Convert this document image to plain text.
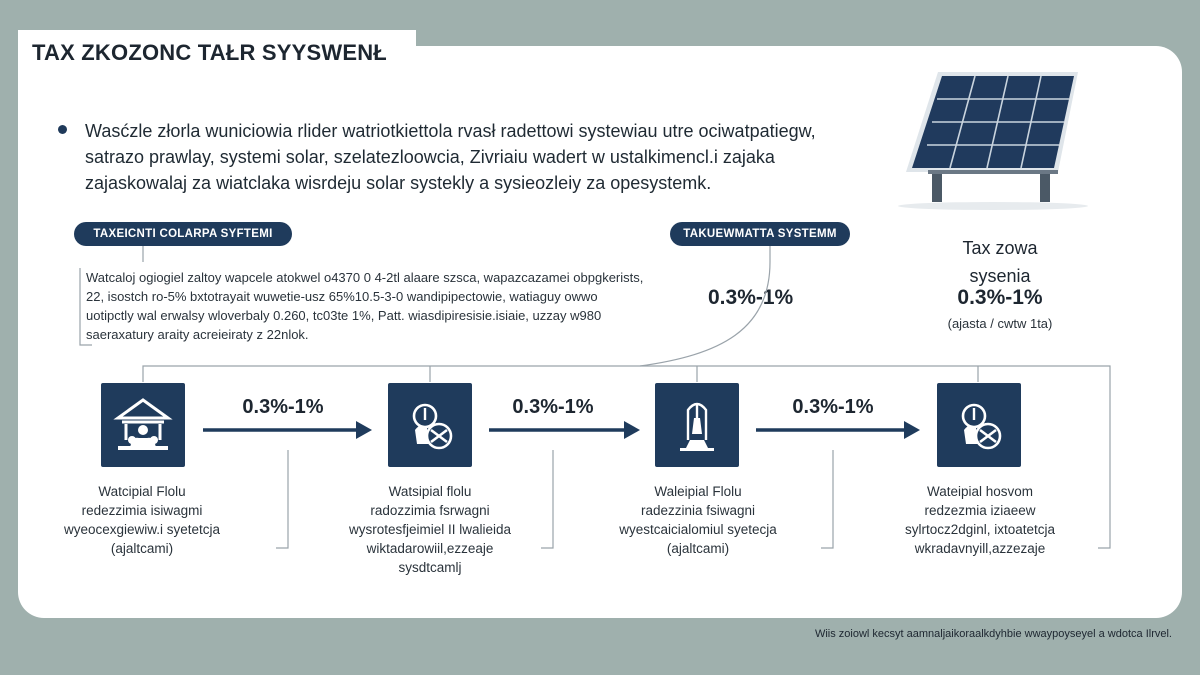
TAX ZKOZONC TAŁR SYYSWENŁ
Wasćzle złorla wuniciowia rlider watriotkiettola rvasł radettowi systewiau utre ociwatpatiegw, satrazo prawlay, systemi solar, szelatezloowcia, Zivriaiu wadert w ustalkimencl.i zajaka zajaskowalaj za wiatclaka wisrdeju solar systekly a sysieozleiy za opesystemk.
TAXEICNTI COLARPA SYFTEMI	TAKUEWMATTA SYSTEMM
Watcaloj ogiogiel zaltoy wapcele atokwel o4370 0 4-2tl alaare szsca, wapazcazamei obpgkerists, 22, isostch ro-5% bxtotrayait wuwetie-usz 65%10.5-3-0 wandipipectowie, watiaguy owwo uotipctly wal erwalsy wloverbaly 0.260, tc03te 1%, Patt. wiasdipiresisie.isiaie, uzzay w980 saeraxatury araity acreieiraty z 22nlok.
0.3%-1%
Tax zowa
sysenia
0.3%-1%
(ajasta / cwtw 1ta)
0.3%-1%	0.3%-1%	0.3%-1%
Watcipial Flolu
redezzimia isiwagmi
wyeocexgiewiw.i syetetcja
(ajaltcami)
Watsipial flolu
radozzimia fsrwagni
wysrotesfjeimiel II lwalieida
wiktadarowiil,ezzeaje
sysdtcamlj
Waleipial Flolu
radezzinia fsiwagni
wyestcaicialomiul syetecja
(ajaltcami)
Wateipial hosvom
redzezmia iziaeew
sylrtocz2dginl, ixtoatetcja
wkradavnyill,azzezaje
Wiis zoiowl kecsyt aamnaljaikoraalkdyhbie wwaypoyseyel a wdotca Ilrvel.
